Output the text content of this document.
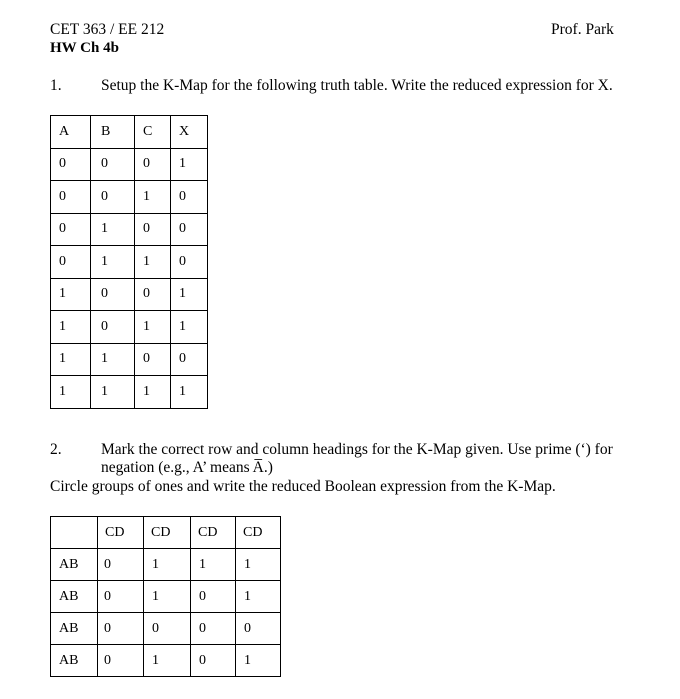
CET 363 / EE 212	Prof. Park
HW Ch 4b
1.	Setup the K-Map for the following truth table. Write the reduced expression for X.
A	B	C	X
0	0	0	1
0	0	1	0
0	1	0	0
0	1	1	0
1	0	0	1
1	0	1	1
1	1	0	0
1	1	1	1
2.	Mark the correct row and column headings for the K-Map given. Use prime (‘) for
negation (e.g., A’ means A̅.)
Circle groups of ones and write the reduced Boolean expression from the K-Map.
	CD	CD	CD	CD
AB	0	1	1	1
AB	0	1	0	1
AB	0	0	0	0
AB	0	1	0	1
